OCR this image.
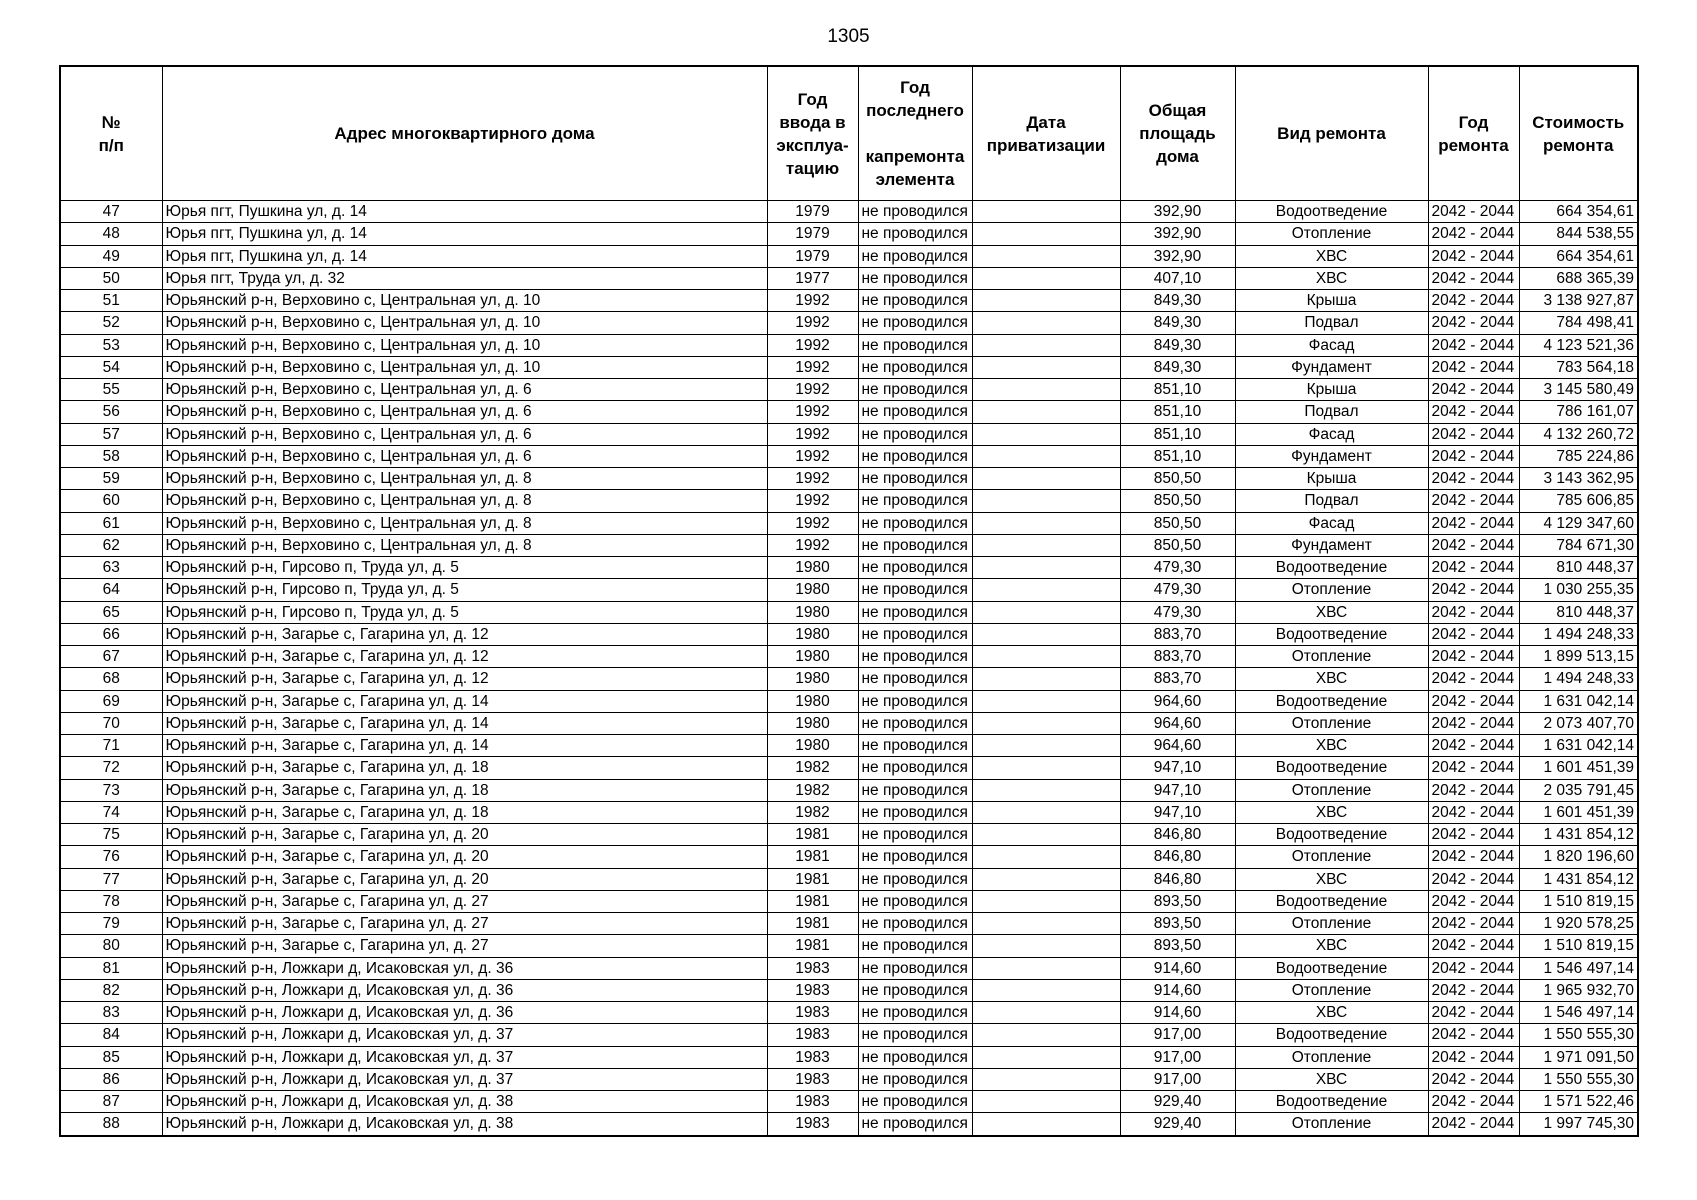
1305
№
п/п	Адрес многоквартирного дома	Год
ввода в
эксплуа-
тацию	Год
последнего
капремонта
элемента	Дата
приватизации	Общая
площадь
дома	Вид ремонта	Год
ремонта	Стоимость
ремонта

47	Юрья пгт, Пушкина ул, д. 14	1979	не проводился		392,90	Водоотведение	2042 - 2044	664 354,61
48	Юрья пгт, Пушкина ул, д. 14	1979	не проводился		392,90	Отопление	2042 - 2044	844 538,55
49	Юрья пгт, Пушкина ул, д. 14	1979	не проводился		392,90	ХВС	2042 - 2044	664 354,61
50	Юрья пгт, Труда ул, д. 32	1977	не проводился		407,10	ХВС	2042 - 2044	688 365,39
51	Юрьянский р-н, Верховино с, Центральная ул, д. 10	1992	не проводился		849,30	Крыша	2042 - 2044	3 138 927,87
52	Юрьянский р-н, Верховино с, Центральная ул, д. 10	1992	не проводился		849,30	Подвал	2042 - 2044	784 498,41
53	Юрьянский р-н, Верховино с, Центральная ул, д. 10	1992	не проводился		849,30	Фасад	2042 - 2044	4 123 521,36
54	Юрьянский р-н, Верховино с, Центральная ул, д. 10	1992	не проводился		849,30	Фундамент	2042 - 2044	783 564,18
55	Юрьянский р-н, Верховино с, Центральная ул, д. 6	1992	не проводился		851,10	Крыша	2042 - 2044	3 145 580,49
56	Юрьянский р-н, Верховино с, Центральная ул, д. 6	1992	не проводился		851,10	Подвал	2042 - 2044	786 161,07
57	Юрьянский р-н, Верховино с, Центральная ул, д. 6	1992	не проводился		851,10	Фасад	2042 - 2044	4 132 260,72
58	Юрьянский р-н, Верховино с, Центральная ул, д. 6	1992	не проводился		851,10	Фундамент	2042 - 2044	785 224,86
59	Юрьянский р-н, Верховино с, Центральная ул, д. 8	1992	не проводился		850,50	Крыша	2042 - 2044	3 143 362,95
60	Юрьянский р-н, Верховино с, Центральная ул, д. 8	1992	не проводился		850,50	Подвал	2042 - 2044	785 606,85
61	Юрьянский р-н, Верховино с, Центральная ул, д. 8	1992	не проводился		850,50	Фасад	2042 - 2044	4 129 347,60
62	Юрьянский р-н, Верховино с, Центральная ул, д. 8	1992	не проводился		850,50	Фундамент	2042 - 2044	784 671,30
63	Юрьянский р-н, Гирсово п, Труда ул, д. 5	1980	не проводился		479,30	Водоотведение	2042 - 2044	810 448,37
64	Юрьянский р-н, Гирсово п, Труда ул, д. 5	1980	не проводился		479,30	Отопление	2042 - 2044	1 030 255,35
65	Юрьянский р-н, Гирсово п, Труда ул, д. 5	1980	не проводился		479,30	ХВС	2042 - 2044	810 448,37
66	Юрьянский р-н, Загарье с, Гагарина ул, д. 12	1980	не проводился		883,70	Водоотведение	2042 - 2044	1 494 248,33
67	Юрьянский р-н, Загарье с, Гагарина ул, д. 12	1980	не проводился		883,70	Отопление	2042 - 2044	1 899 513,15
68	Юрьянский р-н, Загарье с, Гагарина ул, д. 12	1980	не проводился		883,70	ХВС	2042 - 2044	1 494 248,33
69	Юрьянский р-н, Загарье с, Гагарина ул, д. 14	1980	не проводился		964,60	Водоотведение	2042 - 2044	1 631 042,14
70	Юрьянский р-н, Загарье с, Гагарина ул, д. 14	1980	не проводился		964,60	Отопление	2042 - 2044	2 073 407,70
71	Юрьянский р-н, Загарье с, Гагарина ул, д. 14	1980	не проводился		964,60	ХВС	2042 - 2044	1 631 042,14
72	Юрьянский р-н, Загарье с, Гагарина ул, д. 18	1982	не проводился		947,10	Водоотведение	2042 - 2044	1 601 451,39
73	Юрьянский р-н, Загарье с, Гагарина ул, д. 18	1982	не проводился		947,10	Отопление	2042 - 2044	2 035 791,45
74	Юрьянский р-н, Загарье с, Гагарина ул, д. 18	1982	не проводился		947,10	ХВС	2042 - 2044	1 601 451,39
75	Юрьянский р-н, Загарье с, Гагарина ул, д. 20	1981	не проводился		846,80	Водоотведение	2042 - 2044	1 431 854,12
76	Юрьянский р-н, Загарье с, Гагарина ул, д. 20	1981	не проводился		846,80	Отопление	2042 - 2044	1 820 196,60
77	Юрьянский р-н, Загарье с, Гагарина ул, д. 20	1981	не проводился		846,80	ХВС	2042 - 2044	1 431 854,12
78	Юрьянский р-н, Загарье с, Гагарина ул, д. 27	1981	не проводился		893,50	Водоотведение	2042 - 2044	1 510 819,15
79	Юрьянский р-н, Загарье с, Гагарина ул, д. 27	1981	не проводился		893,50	Отопление	2042 - 2044	1 920 578,25
80	Юрьянский р-н, Загарье с, Гагарина ул, д. 27	1981	не проводился		893,50	ХВС	2042 - 2044	1 510 819,15
81	Юрьянский р-н, Ложкари д, Исаковская ул, д. 36	1983	не проводился		914,60	Водоотведение	2042 - 2044	1 546 497,14
82	Юрьянский р-н, Ложкари д, Исаковская ул, д. 36	1983	не проводился		914,60	Отопление	2042 - 2044	1 965 932,70
83	Юрьянский р-н, Ложкари д, Исаковская ул, д. 36	1983	не проводился		914,60	ХВС	2042 - 2044	1 546 497,14
84	Юрьянский р-н, Ложкари д, Исаковская ул, д. 37	1983	не проводился		917,00	Водоотведение	2042 - 2044	1 550 555,30
85	Юрьянский р-н, Ложкари д, Исаковская ул, д. 37	1983	не проводился		917,00	Отопление	2042 - 2044	1 971 091,50
86	Юрьянский р-н, Ложкари д, Исаковская ул, д. 37	1983	не проводился		917,00	ХВС	2042 - 2044	1 550 555,30
87	Юрьянский р-н, Ложкари д, Исаковская ул, д. 38	1983	не проводился		929,40	Водоотведение	2042 - 2044	1 571 522,46
88	Юрьянский р-н, Ложкари д, Исаковская ул, д. 38	1983	не проводился		929,40	Отопление	2042 - 2044	1 997 745,30
